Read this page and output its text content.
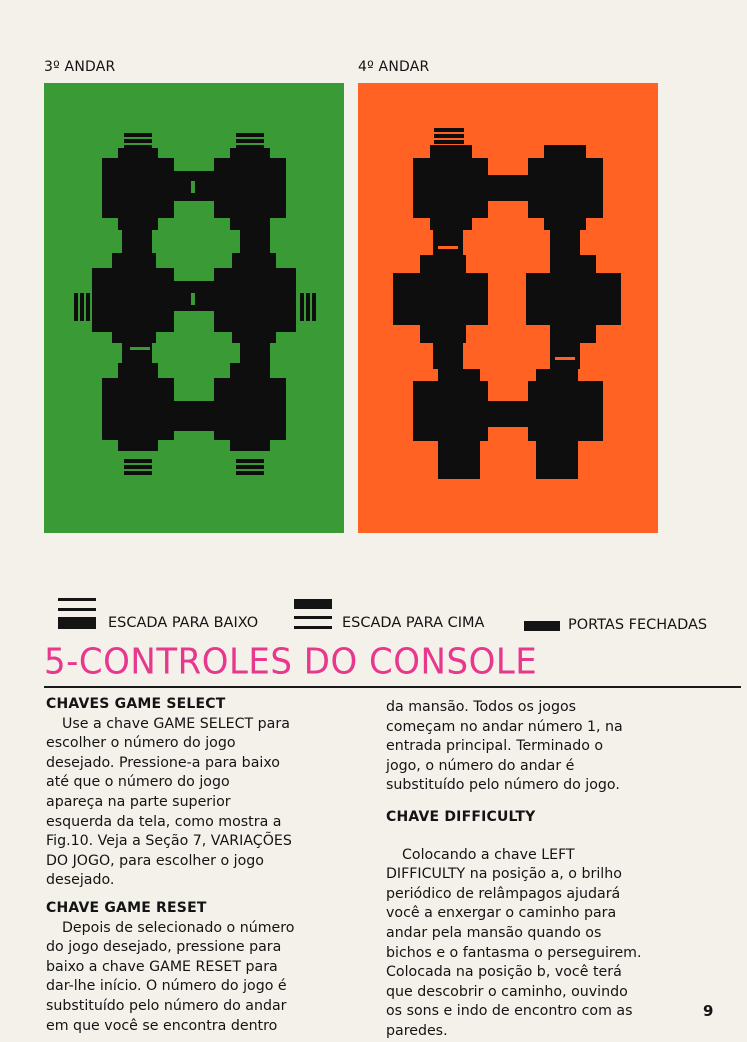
3º ANDAR	4º ANDAR
ESCADA PARA BAIXO	ESCADA PARA CIMA	PORTAS FECHADAS
5-CONTROLES DO CONSOLE

CHAVES GAME SELECT

Use a chave GAME SELECT para

escolher o número do jogo

desejado. Pressione-a para baixo

até que o número do jogo

apareça na parte superior

esquerda da tela, como mostra a

Fig.10. Veja a Seção 7, VARIAÇÕES

DO JOGO, para escolher o jogo

desejado.

CHAVE GAME RESET

Depois de selecionado o número

do jogo desejado, pressione para

baixo a chave GAME RESET para

dar-lhe início. O número do jogo é

substituído pelo número do andar

em que você se encontra dentro

da mansão. Todos os jogos

começam no andar número 1, na

entrada principal. Terminado o

jogo, o número do andar é

substituído pelo número do jogo.

CHAVE DIFFICULTY

Colocando a chave LEFT

DIFFICULTY na posição a, o brilho

periódico de relâmpagos ajudará

você a enxergar o caminho para

andar pela mansão quando os

bichos e o fantasma o perseguirem.

Colocada na posição b, você terá

que descobrir o caminho, ouvindo

os sons e indo de encontro com as

paredes.

9
